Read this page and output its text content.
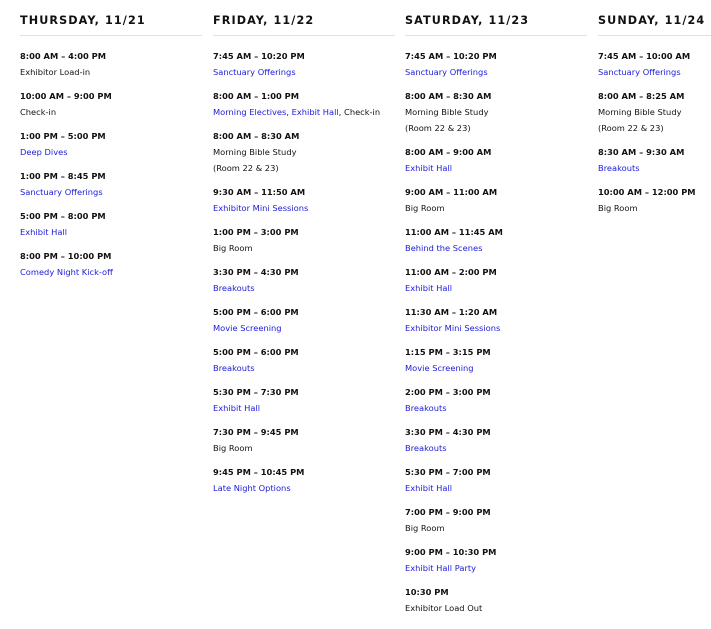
THURSDAY, 11/21
8:00 AM – 4:00 PM
Exhibitor Load-in
10:00 AM – 9:00 PM
Check-in
1:00 PM – 5:00 PM
Deep Dives
1:00 PM – 8:45 PM
Sanctuary Offerings
5:00 PM – 8:00 PM
Exhibit Hall
8:00 PM – 10:00 PM
Comedy Night Kick-off
FRIDAY, 11/22
7:45 AM – 10:20 PM
Sanctuary Offerings
8:00 AM – 1:00 PM
Morning Electives, Exhibit Hall, Check-in
8:00 AM – 8:30 AM
Morning Bible Study
(Room 22 & 23)
9:30 AM – 11:50 AM
Exhibitor Mini Sessions
1:00 PM – 3:00 PM
Big Room
3:30 PM – 4:30 PM
Breakouts
5:00 PM – 6:00 PM
Movie Screening
5:00 PM – 6:00 PM
Breakouts
5:30 PM – 7:30 PM
Exhibit Hall
7:30 PM – 9:45 PM
Big Room
9:45 PM – 10:45 PM
Late Night Options
SATURDAY, 11/23
7:45 AM – 10:20 PM
Sanctuary Offerings
8:00 AM – 8:30 AM
Morning Bible Study
(Room 22 & 23)
8:00 AM – 9:00 AM
Exhibit Hall
9:00 AM – 11:00 AM
Big Room
11:00 AM – 11:45 AM
Behind the Scenes
11:00 AM – 2:00 PM
Exhibit Hall
11:30 AM – 1:20 AM
Exhibitor Mini Sessions
1:15 PM – 3:15 PM
Movie Screening
2:00 PM – 3:00 PM
Breakouts
3:30 PM – 4:30 PM
Breakouts
5:30 PM – 7:00 PM
Exhibit Hall
7:00 PM – 9:00 PM
Big Room
9:00 PM – 10:30 PM
Exhibit Hall Party
10:30 PM
Exhibitor Load Out
SUNDAY, 11/24
7:45 AM – 10:00 AM
Sanctuary Offerings
8:00 AM – 8:25 AM
Morning Bible Study
(Room 22 & 23)
8:30 AM – 9:30 AM
Breakouts
10:00 AM – 12:00 PM
Big Room
